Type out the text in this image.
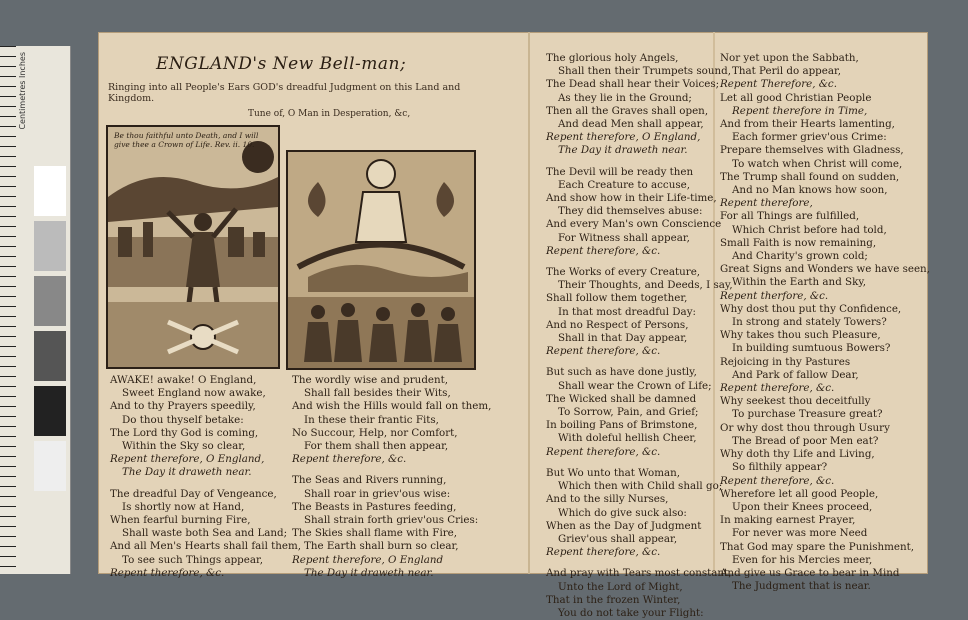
Centimetres Inches	ENGLAND's New Bell-man;
Ringing into all People's Ears GOD's dreadful Judgment on this Land and Kingdom.
Tune of, O Man in Desperation, &c,
Be thou faithful unto Death, and I will give thee a Crown of Life. Rev. ii. 10.
AWAKE! awake! O England,
Sweet England now awake,
And to thy Prayers speedily,
Do thou thyself betake:
The Lord thy God is coming,
Within the Sky so clear,
Repent therefore, O England,
The Day it draweth near.
The dreadful Day of Vengeance,
Is shortly now at Hand,
When fearful burning Fire,
Shall waste both Sea and Land;
And all Men's Hearts shall fail them,
To see such Things appear,
Repent therefore, &c.
The wordly wise and prudent,
Shall fall besides their Wits,
And wish the Hills would fall on them,
In these their frantic Fits,
No Succour, Help, nor Comfort,
For them shall then appear,
Repent therefore, &c.
The Seas and Rivers running,
Shall roar in griev'ous wise:
The Beasts in Pastures feeding,
Shall strain forth griev'ous Cries:
The Skies shall flame with Fire,
The Earth shall burn so clear,
Repent therefore, O England
The Day it draweth near.
The glorious holy Angels,
Shall then their Trumpets sound,
The Dead shall hear their Voices;
As they lie in the Ground;
Then all the Graves shall open,
And dead Men shall appear,
Repent therefore, O England,
The Day it draweth near.
The Devil will be ready then
Each Creature to accuse,
And show how in their Life-time,
They did themselves abuse:
And every Man's own Conscience
For Witness shall appear,
Repent therefore, &c.
The Works of every Creature,
Their Thoughts, and Deeds, I say,
Shall follow them together,
In that most dreadful Day:
And no Respect of Persons,
Shall in that Day appear,
Repent therefore, &c.
But such as have done justly,
Shall wear the Crown of Life;
The Wicked shall be damned
To Sorrow, Pain, and Grief;
In boiling Pans of Brimstone,
With doleful hellish Cheer,
Repent therefore, &c.
But Wo unto that Woman,
Which then with Child shall go;
And to the silly Nurses,
Which do give suck also:
When as the Day of Judgment
Griev'ous shall appear,
Repent therefore, &c.
And pray with Tears most constant,
Unto the Lord of Might,
That in the frozen Winter,
You do not take your Flight:
Nor yet upon the Sabbath,
That Peril do appear,
Repent Therefore, &c.
Let all good Christian People
Repent therefore in Time,
And from their Hearts lamenting,
Each former griev'ous Crime:
Prepare themselves with Gladness,
To watch when Christ will come,
The Trump shall found on sudden,
And no Man knows how soon,
Repent therefore,
For all Things are fulfilled,
Which Christ before had told,
Small Faith is now remaining,
And Charity's grown cold;
Great Signs and Wonders we have seen,
Within the Earth and Sky,
Repent therfore, &c.
Why dost thou put thy Confidence,
In strong and stately Towers?
Why takes thou such Pleasure,
In building sumtuous Bowers?
Rejoicing in thy Pastures
And Park of fallow Dear,
Repent therefore, &c.
Why seekest thou deceitfully
To purchase Treasure great?
Or why dost thou through Usury
The Bread of poor Men eat?
Why doth thy Life and Living,
So filthily appear?
Repent therefore, &c.
Wherefore let all good People,
Upon their Knees proceed,
In making earnest Prayer,
For never was more Need
That God may spare the Punishment,
Even for his Mercies meer,
And give us Grace to bear in Mind
The Judgment that is near.
